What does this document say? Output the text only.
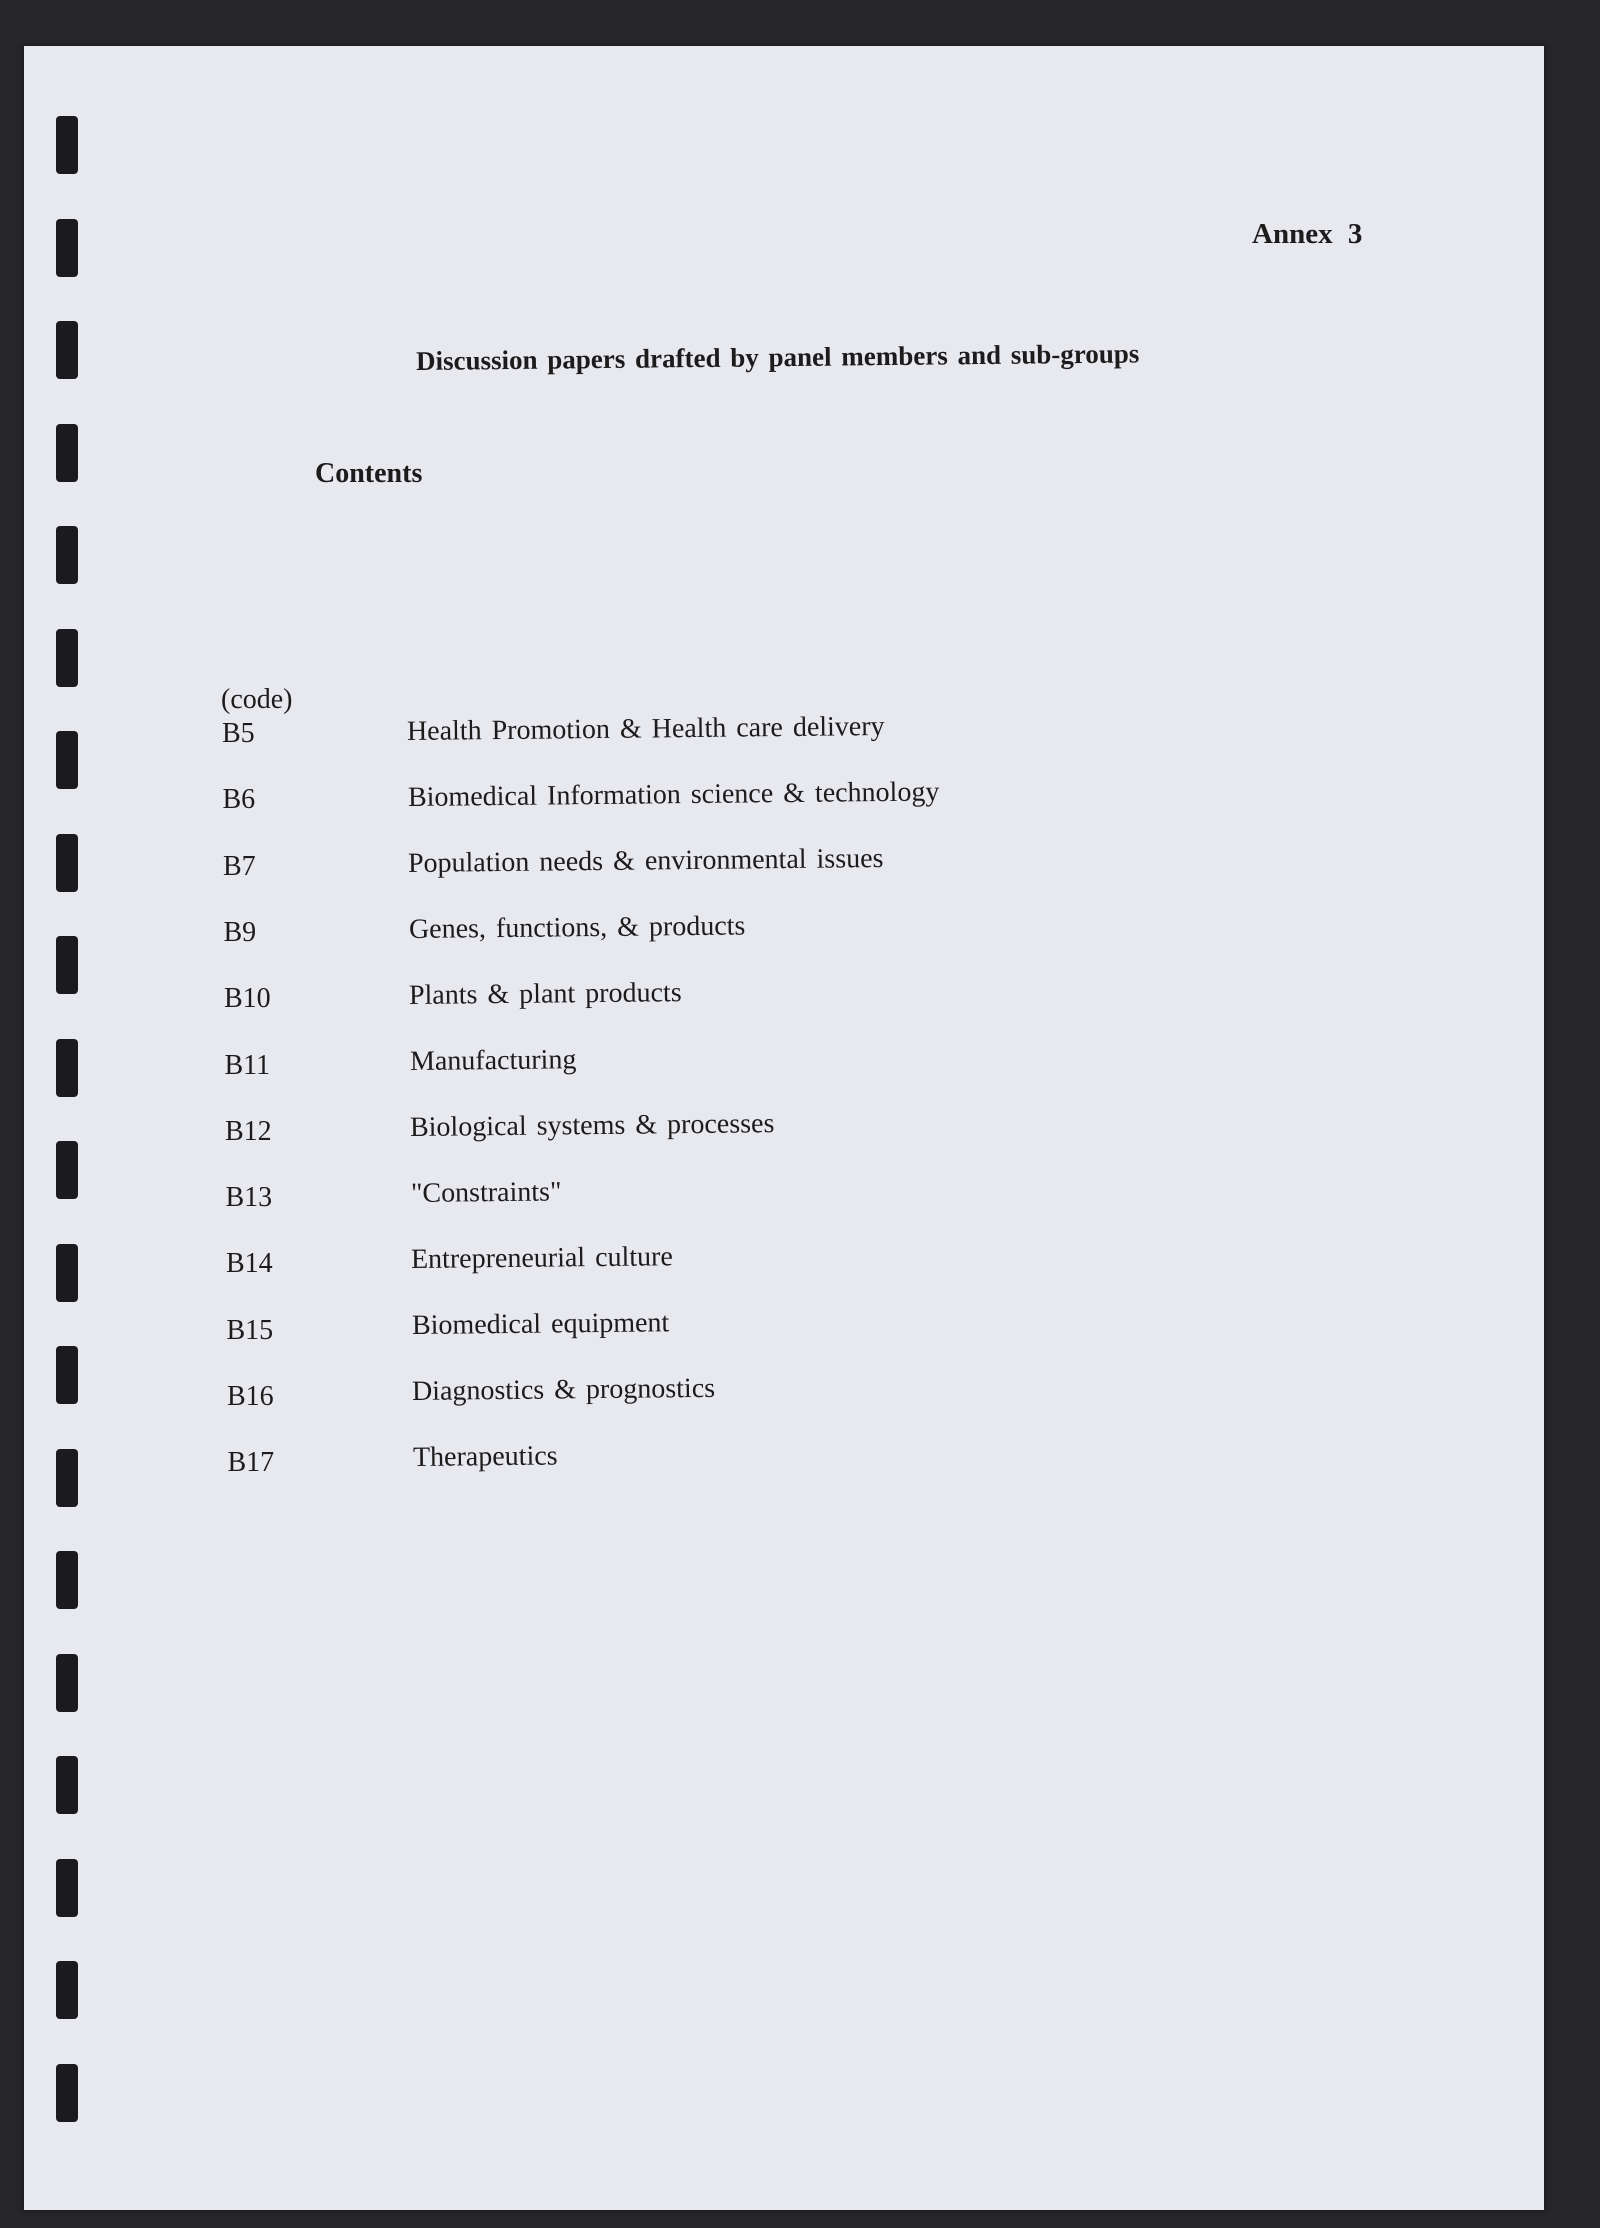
Annex 3
Discussion papers drafted by panel members and sub-groups
Contents
(code)
B5	Health Promotion & Health care delivery
B6	Biomedical Information science & technology
B7	Population needs & environmental issues
B9	Genes, functions, & products
B10	Plants & plant products
B11	Manufacturing
B12	Biological systems & processes
B13	"Constraints"
B14	Entrepreneurial culture
B15	Biomedical equipment
B16	Diagnostics & prognostics
B17	Therapeutics
